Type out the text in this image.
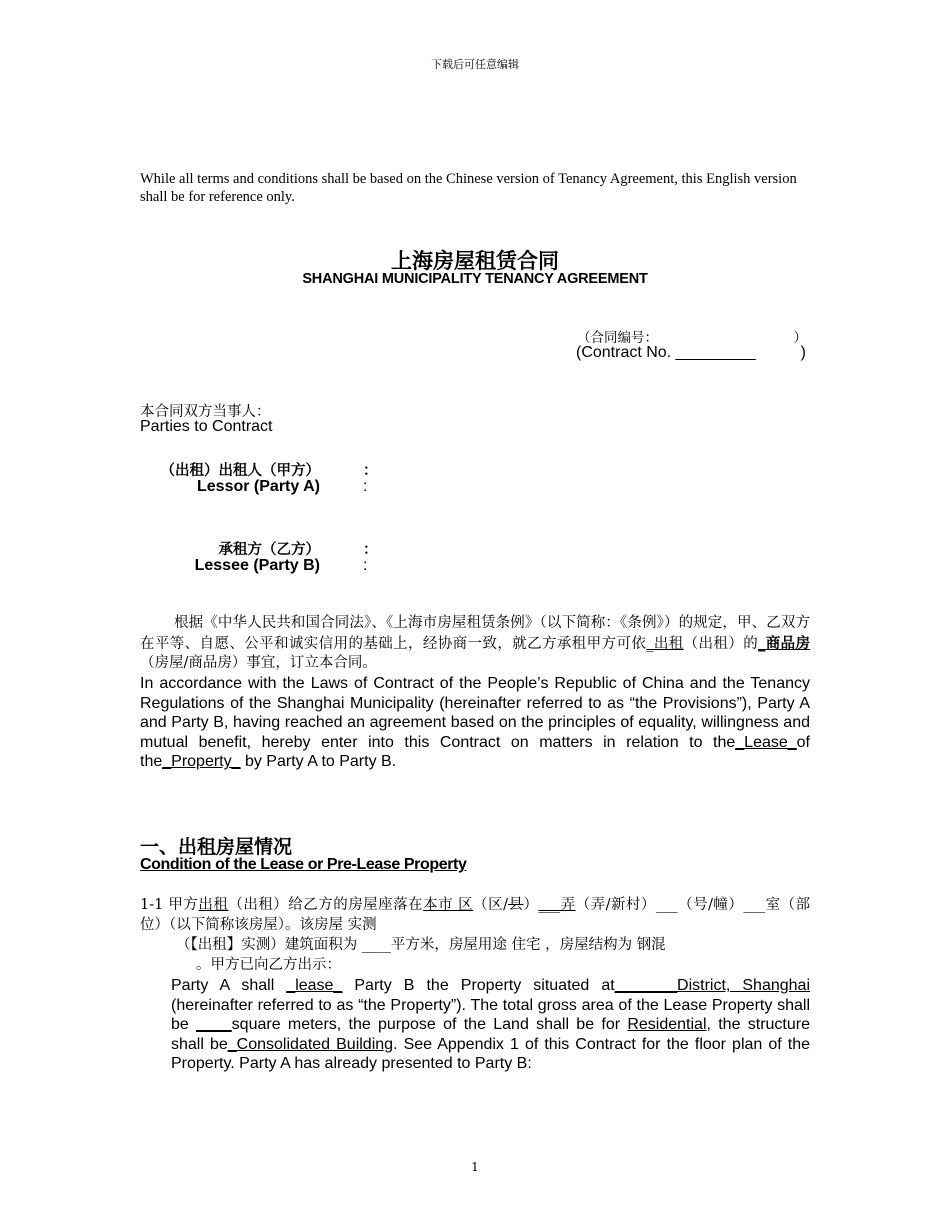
下载后可任意编辑
While all terms and conditions shall be based on the Chinese version of Tenancy Agreement, this English version shall be for reference only.
上海房屋租赁合同
SHANGHAI MUNICIPALITY TENANCY AGREEMENT
（合同编号：	）
(Contract No. _________	)
本合同双方当事人：
Parties to Contract
（出租）出租人（甲方）	：
Lessor (Party A)	:
承租方（乙方）	：
Lessee (Party B)	:
根据《中华人民共和国合同法》、《上海市房屋租赁条例》（以下简称：《条例》）的规定，甲、乙双方在平等、自愿、公平和诚实信用的基础上，经协商一致，就乙方承租甲方可依_出租（出租）的_商品房（房屋/商品房）事宜，订立本合同。
In accordance with the Laws of Contract of the People’s Republic of China and the Tenancy Regulations of the Shanghai Municipality (hereinafter referred to as “the Provisions”), Party A and Party B, having reached an agreement based on the principles of equality, willingness and mutual benefit, hereby enter into this Contract on matters in relation to the_Lease_of the_Property_ by Party A to Party B.
一、出租房屋情况
Condition of the Lease or Pre-Lease Property
1-1 甲方出租（出租）给乙方的房屋座落在本市 区（区/县）___弄（弄/新村）___（号/幢）___室（部位）（以下简称该房屋）。该房屋 实测
（【出租】实测）建筑面积为 ____平方米，房屋用途 住宅 ，房屋结构为 钢混
。甲方已向乙方出示：
Party A shall _lease_ Party B the Property situated at_______District, Shanghai (hereinafter referred to as “the Property”). The total gross area of the Lease Property shall be ____square meters, the purpose of the Land shall be for Residential, the structure shall be_Consolidated Building. See Appendix 1 of this Contract for the floor plan of the Property. Party A has already presented to Party B:
1
